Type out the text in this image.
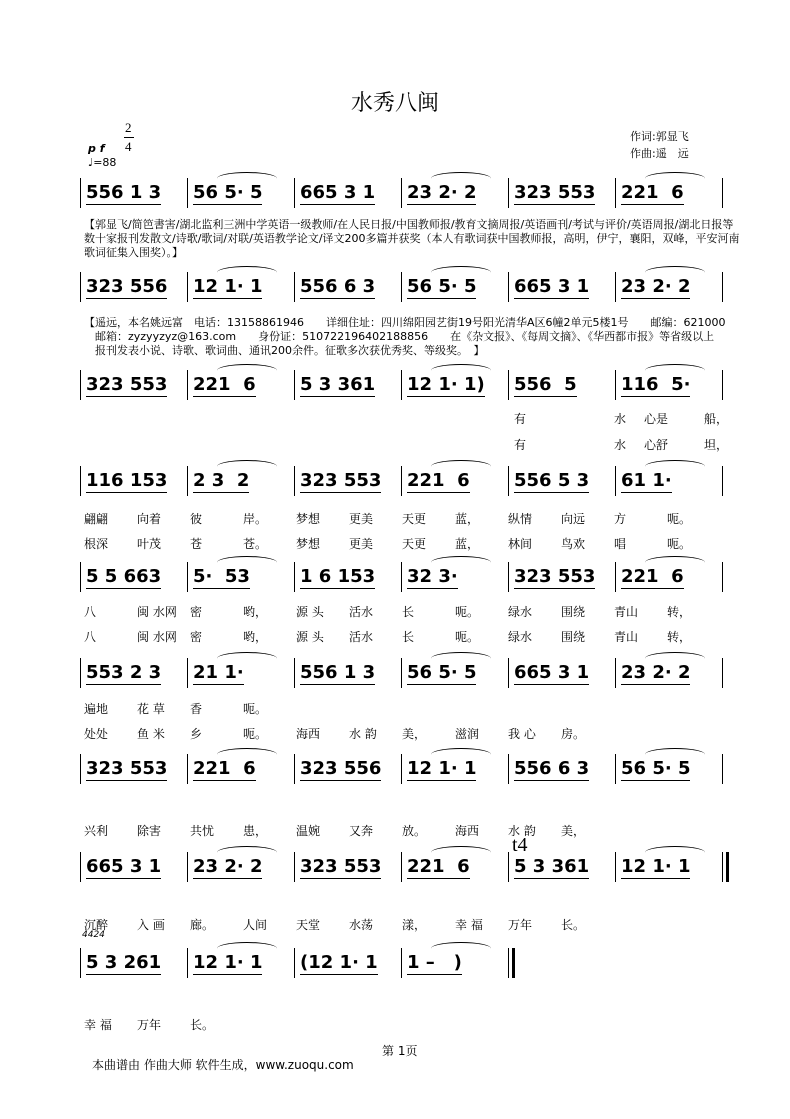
水秀八闽
作词:郭显飞
作曲:遥　远
2
4
p f
♩=88
556 1 3 56 5· 5 665 3 1 23 2· 2 323 553 221  6
【郭显飞/简笆書害/湖北监利三洲中学英语一级教师/在人民日报/中国教师报/教育文摘周报/英语画刊/考试与评价/英语周报/湖北日报等数十家报刊发散文/诗歌/歌词/对联/英语教学论文/译文200多篇并获奖（本人有歌词获中国教师报，高明，伊宁，襄阳，双峰，平安河南歌词征集入围奖）。】
323 556 12 1· 1 556 6 3 56 5· 5 665 3 1 23 2· 2
【遥远，本名姚远富　电话：13158861946　　详细住址：四川绵阳园艺街19号阳光清华A区6幢2单元5楼1号　　邮编：621000
　邮箱：zyzyyzyz@163.com　　身份证：510722196402188856　　在《杂文报》、《每周文摘》、《华西都市报》等省级以上
　报刊发表小说、诗歌、歌词曲、通讯200余件。征歌多次获优秀奖、等级奖。　】
323 553 221  6 5 3 361 12 1· 1) 556  5 116  5·
有	水 心是	船，
有	水 心舒	坦，
116 153 2 3  2	323 553 221  6 556 5 3 61 1·
翩翩 向着 彼	岸。 梦想 更美 天更 蓝， 纵情 向远 方	呃。
根深 叶茂 苍	苍。 梦想 更美 天更 蓝， 林间 鸟欢 唱	呃。
5 5 663 5·  53	1 6 153 32 3·	323 553 221  6
八	闽 水网 密	哟， 源 头 活水 长	呃。 绿水 围绕 青山 转，
八	闽 水网 密	哟， 源 头 活水 长	呃。 绿水 围绕 青山 转，
553 2 3 21 1·	556 1 3 56 5· 5 665 3 1 23 2· 2
遍地 花 草 香	呃。
处处 鱼 米 乡	呃。 海西 水 韵 美， 滋润 我 心 房。
323 553 221  6 323 556 12 1· 1 556 6 3 56 5· 5
兴利 除害 共忧 患， 温婉 又奔 放。 海西 水 韵 美，
665 3 1 23 2· 2 323 553 221  6 5 3 361 12 1· 1
t4
沉醉 入 画 廊。 人间 天堂 水荡 漾， 幸 福 万年 长。
4424
5 3 261 12 1· 1 (12 1· 1 1 –   )
幸 福 万年 长。
第 1页
本曲谱由 作曲大师 软件生成，www.zuoqu.com
